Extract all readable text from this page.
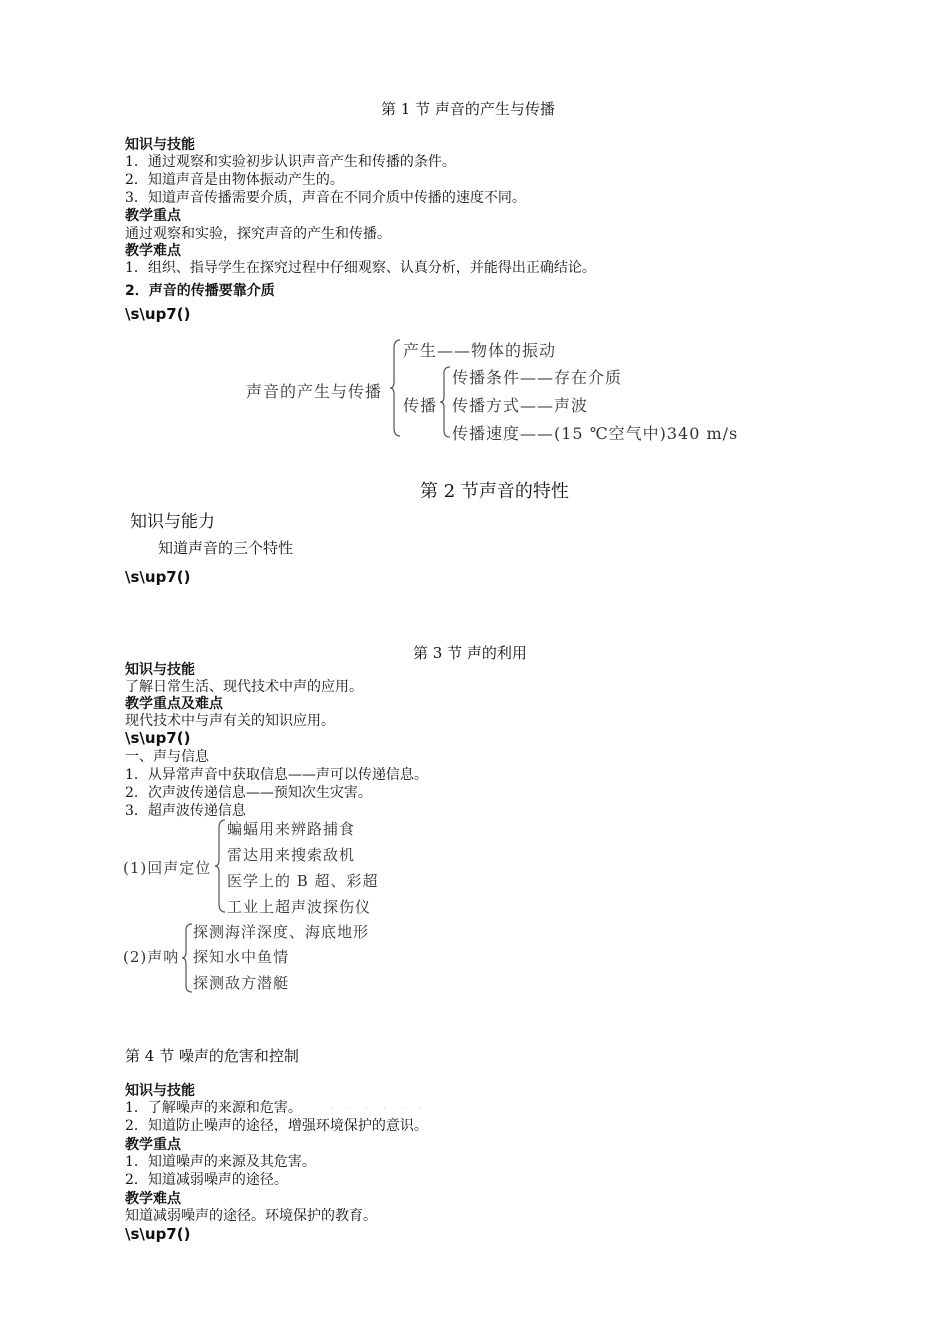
第 1 节 声音的产生与传播
知识与技能
1．通过观察和实验初步认识声音产生和传播的条件。
2．知道声音是由物体振动产生的。
3．知道声音传播需要介质，声音在不同介质中传播的速度不同。
教学重点
通过观察和实验，探究声音的产生和传播。
教学难点
1．组织、指导学生在探究过程中仔细观察、认真分析，并能得出正确结论。
2．声音的传播要靠介质
\s\up7()
声音的产生与传播
产生——物体的振动
传播
传播条件——存在介质
传播方式——声波
传播速度——(15 ℃空气中)340 m/s
第 2 节声音的特性
知识与能力
知道声音的三个特性
\s\up7()
第 3 节 声的利用
知识与技能
了解日常生活、现代技术中声的应用。
教学重点及难点
现代技术中与声有关的知识应用。
\s\up7()
一、声与信息
1．从异常声音中获取信息——声可以传递信息。
2．次声波传递信息——预知次生灾害。
3．超声波传递信息
(1)回声定位
蝙蝠用来辨路捕食
雷达用来搜索敌机
医学上的 B 超、彩超
工业上超声波探伤仪
(2)声呐
探测海洋深度、海底地形
探知水中鱼情
探测敌方潜艇
第 4 节 噪声的危害和控制
知识与技能
1．了解噪声的来源和危害。	· · · · · ·
2．知道防止噪声的途径，增强环境保护的意识。
教学重点
1．知道噪声的来源及其危害。
2．知道减弱噪声的途径。
教学难点
知道减弱噪声的途径。环境保护的教育。
\s\up7()
